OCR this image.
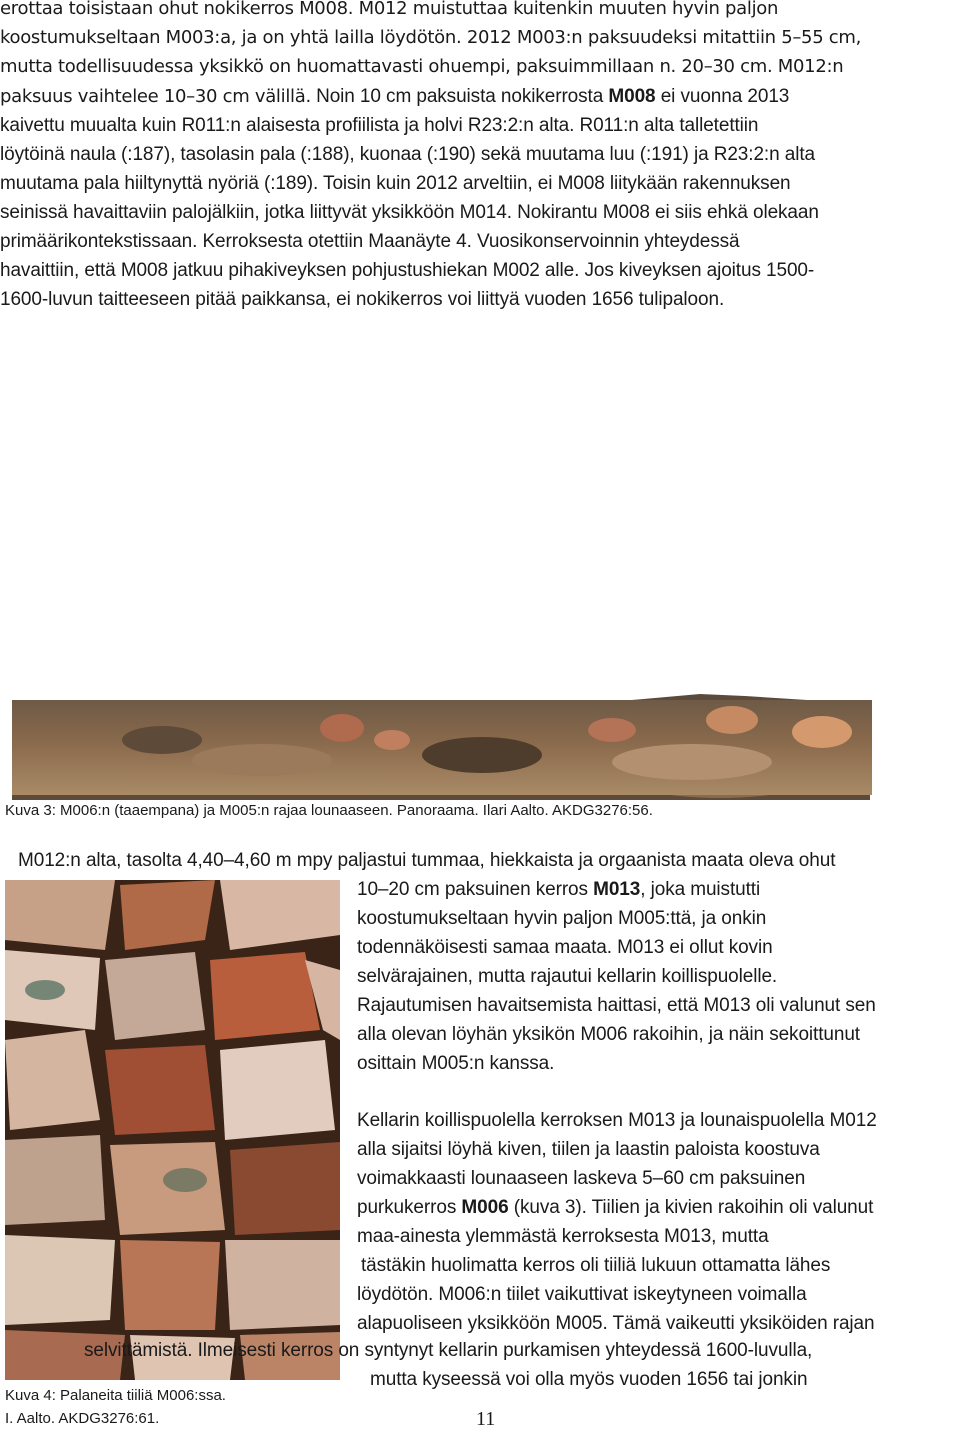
erottaa toisistaan ohut nokikerros M008. M012 muistuttaa kuitenkin muuten hyvin paljon
koostumukseltaan M003:a, ja on yhtä lailla löydötön. 2012 M003:n paksuudeksi mitattiin 5–55 cm,
mutta todellisuudessa yksikkö on huomattavasti ohuempi, paksuimmillaan n. 20–30 cm. M012:n
paksuus vaihtelee 10–30 cm välillä. Noin 10 cm paksuista nokikerrosta M008 ei vuonna 2013
kaivettu muualta kuin R011:n alaisesta profiilista ja holvi R23:2:n alta. R011:n alta talletettiin
löytöinä naula (:187), tasolasin pala (:188), kuonaa (:190) sekä muutama luu (:191) ja R23:2:n alta
muutama pala hiiltynyttä nyöriä (:189). Toisin kuin 2012 arveltiin, ei M008 liitykään rakennuksen
seinissä havaittaviin palojälkiin, jotka liittyvät yksikköön M014. Nokirantu M008 ei siis ehkä olekaan
primäärikontekstissaan. Kerroksesta otettiin Maanäyte 4. Vuosikonservoinnin yhteydessä
havaittiin, että M008 jatkuu pihakiveyksen pohjustushiekan M002 alle. Jos kiveyksen ajoitus 1500-
1600-luvun taitteeseen pitää paikkansa, ei nokikerros voi liittyä vuoden 1656 tulipaloon.
Kuva 3: M006:n (taaempana) ja M005:n rajaa lounaaseen. Panoraama. Ilari Aalto. AKDG3276:56.
M012:n alta, tasolta 4,40–4,60 m mpy paljastui tummaa, hiekkaista ja orgaanista maata oleva ohut
10–20 cm paksuinen kerros M013, joka muistutti
koostumukseltaan hyvin paljon M005:ttä, ja onkin
todennäköisesti samaa maata. M013 ei ollut kovin
selvärajainen, mutta rajautui kellarin koillispuolelle.
Rajautumisen havaitsemista haittasi, että M013 oli valunut sen
alla olevan löyhän yksikön M006 rakoihin, ja näin sekoittunut
osittain M005:n kanssa.
Kellarin koillispuolella kerroksen M013 ja lounaispuolella M012
alla sijaitsi löyhä kiven, tiilen ja laastin paloista koostuva
voimakkaasti lounaaseen laskeva 5–60 cm paksuinen
purkukerros M006 (kuva 3). Tiilien ja kivien rakoihin oli valunut
maa-ainesta ylemmästä kerroksesta M013, mutta
tästäkin huolimatta kerros oli tiiliä lukuun ottamatta lähes
löydötön. M006:n tiilet vaikuttivat iskeytyneen voimalla
alapuoliseen yksikköön M005. Tämä vaikeutti yksiköiden rajan
selvittämistä. Ilmeisesti kerros on syntynyt kellarin purkamisen yhteydessä 1600-luvulla,
mutta kyseessä voi olla myös vuoden 1656 tai jonkin
Kuva 4: Palaneita tiiliä M006:ssa.
I. Aalto. AKDG3276:61.	11
